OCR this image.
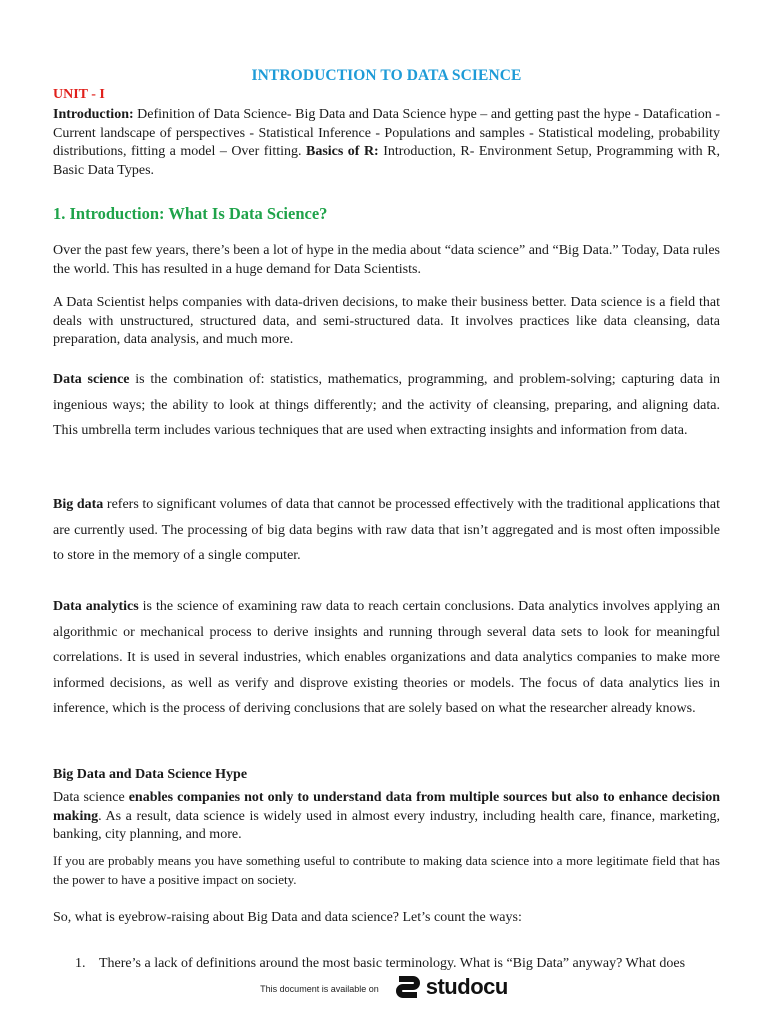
INTRODUCTION TO DATA SCIENCE
UNIT - I
Introduction: Definition of Data Science- Big Data and Data Science hype – and getting past the hype - Datafication - Current landscape of perspectives - Statistical Inference - Populations and samples - Statistical modeling, probability distributions, fitting a model – Over fitting. Basics of R: Introduction, R- Environment Setup, Programming with R, Basic Data Types.
1. Introduction: What Is Data Science?
Over the past few years, there’s been a lot of hype in the media about “data science” and “Big Data.” Today, Data rules the world. This has resulted in a huge demand for Data Scientists.
A Data Scientist helps companies with data-driven decisions, to make their business better. Data science is a field that deals with unstructured, structured data, and semi-structured data. It involves practices like data cleansing, data preparation, data analysis, and much more.
Data science is the combination of: statistics, mathematics, programming, and problem-solving; capturing data in ingenious ways; the ability to look at things differently; and the activity of cleansing, preparing, and aligning data. This umbrella term includes various techniques that are used when extracting insights and information from data.
Big data refers to significant volumes of data that cannot be processed effectively with the traditional applications that are currently used. The processing of big data begins with raw data that isn’t aggregated and is most often impossible to store in the memory of a single computer.
Data analytics is the science of examining raw data to reach certain conclusions. Data analytics involves applying an algorithmic or mechanical process to derive insights and running through several data sets to look for meaningful correlations. It is used in several industries, which enables organizations and data analytics companies to make more informed decisions, as well as verify and disprove existing theories or models. The focus of data analytics lies in inference, which is the process of deriving conclusions that are solely based on what the researcher already knows.
Big Data and Data Science Hype
Data science enables companies not only to understand data from multiple sources but also to enhance decision making. As a result, data science is widely used in almost every industry, including health care, finance, marketing, banking, city planning, and more.
If you are probably means you have something useful to contribute to making data science into a more legitimate field that has the power to have a positive impact on society.
So, what is eyebrow-raising about Big Data and data science? Let’s count the ways:
1. There’s a lack of definitions around the most basic terminology. What is “Big Data” anyway? What does
This document is available on studocu
